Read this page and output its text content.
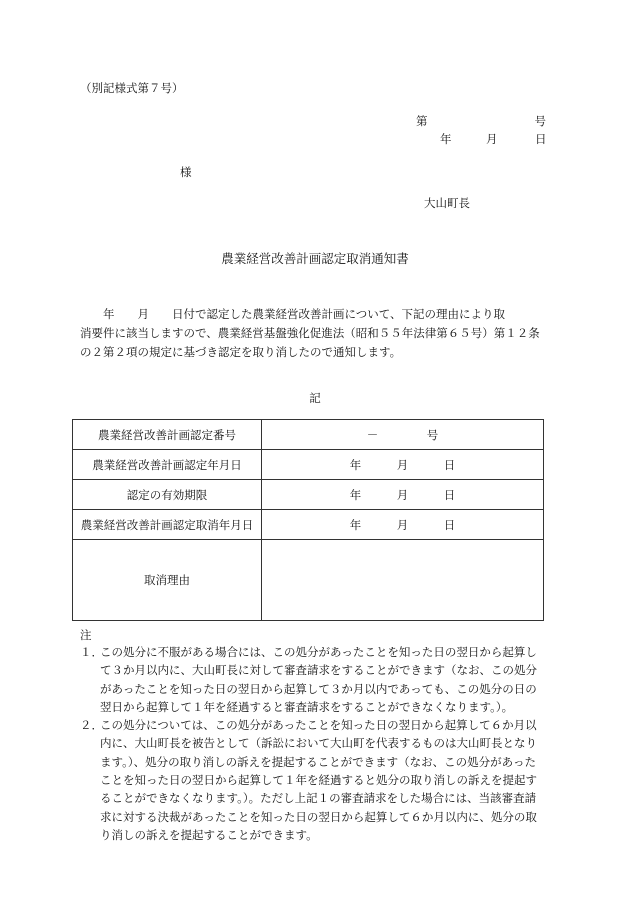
（別記様式第７号）
第	号
年	月	日
様
大山町長
農業経営改善計画認定取消通知書

　　年　　月　　日付で認定した農業経営改善計画について、下記の理由により取
消要件に該当しますので、農業経営基盤強化促進法（昭和５５年法律第６５号）第１２条
の２第２項の規定に基づき認定を取り消したので通知します。

記
農業経営改善計画認定番号	－ 号
農業経営改善計画認定年月日	年 月 日
認定の有効期限	年 月 日
農業経営改善計画認定取消年月日	年 月 日
取消理由	
注
１．
この処分に不服がある場合には、この処分があったことを知った日の翌日から起算し
て３か月以内に、大山町長に対して審査請求をすることができます（なお、この処分
があったことを知った日の翌日から起算して３か月以内であっても、この処分の日の
翌日から起算して１年を経過すると審査請求をすることができなくなります。）。
２．
この処分については、この処分があったことを知った日の翌日から起算して６か月以
内に、大山町長を被告として（訴訟において大山町を代表するものは大山町長となり
ます。）、処分の取り消しの訴えを提起することができます（なお、この処分があった
ことを知った日の翌日から起算して１年を経過すると処分の取り消しの訴えを提起す
ることができなくなります。）。ただし上記１の審査請求をした場合には、当該審査請
求に対する決裁があったことを知った日の翌日から起算して６か月以内に、処分の取
り消しの訴えを提起することができます。
